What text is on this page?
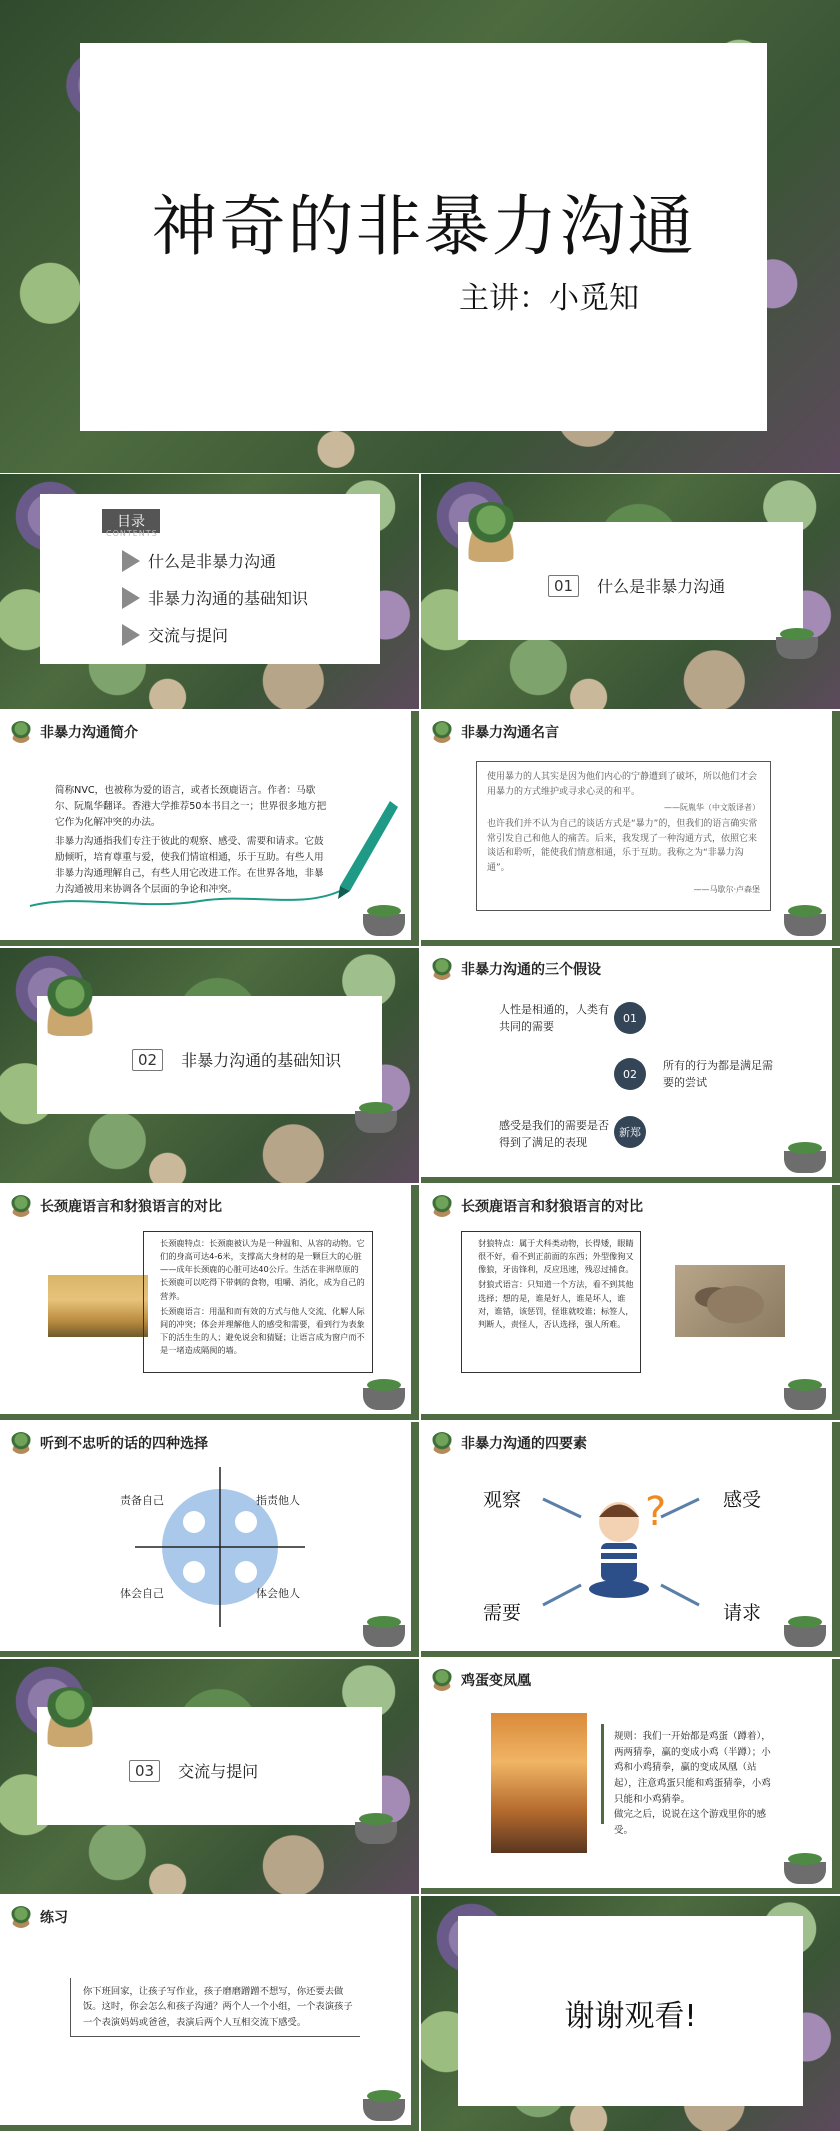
神奇的非暴力沟通
主讲：小觅知
目录
CONTENTS
什么是非暴力沟通
非暴力沟通的基础知识
交流与提问
01	什么是非暴力沟通
非暴力沟通简介

简称NVC，也被称为爱的语言，或者长颈鹿语言。作者：马歇尔、阮胤华翻译。香港大学推荐50本书目之一；世界很多地方把它作为化解冲突的办法。

非暴力沟通指我们专注于彼此的观察、感受、需要和请求。它鼓励倾听，培育尊重与爱，使我们情谊相通，乐于互助。有些人用非暴力沟通理解自己，有些人用它改进工作。在世界各地，非暴力沟通被用来协调各个层面的争论和冲突。

非暴力沟通名言

使用暴力的人其实是因为他们内心的宁静遭到了破坏，所以他们才会用暴力的方式维护或寻求心灵的和平。

——阮胤华（中文版译者）

也许我们并不认为自己的谈话方式是“暴力”的，但我们的语言确实常常引发自己和他人的痛苦。后来，我发现了一种沟通方式，依照它来谈话和聆听，能使我们情意相通，乐于互助。我称之为“非暴力沟通”。

——马歇尔·卢森堡

02	非暴力沟通的基础知识
非暴力沟通的三个假设
人性是相通的，人类有共同的需要
01
02
所有的行为都是满足需要的尝试
感受是我们的需要是否得到了满足的表现
新郑
长颈鹿语言和豺狼语言的对比

长颈鹿特点：长颈鹿被认为是一种温和、从容的动物。它们的身高可达4-6米，支撑高大身材的是一颗巨大的心脏——成年长颈鹿的心脏可达40公斤。生活在非洲草原的长颈鹿可以吃得下带刺的食物，咀嚼、消化，成为自己的营养。

长颈鹿语言：用温和而有效的方式与他人交流、化解人际间的冲突；体会并理解他人的感受和需要，看到行为表象下的活生生的人；避免说会和猜疑；让语言成为窗户而不是一堵造成隔阂的墙。

长颈鹿语言和豺狼语言的对比

豺狼特点：属于犬科类动物，长得矮，眼睛很不好，看不到正前面的东西；外型像狗又像狼，牙齿锋利，反应迅速，残忍过捕食。

豺狼式语言：只知道一个方法，看不到其他选择；想的是，谁是好人，谁是坏人，谁对，谁错，该惩罚，怪谁就咬谁；标签人，判断人，责怪人，否认选择，强人所难。

听到不忠听的话的四种选择
责备自己	指责他人
体会自己	体会他人
非暴力沟通的四要素
观察	感受
需要	请求
?
03	交流与提问
鸡蛋变凤凰

规则：我们一开始都是鸡蛋（蹲着），两两猜拳，赢的变成小鸡（半蹲）；小鸡和小鸡猜拳，赢的变成凤凰（站起），注意鸡蛋只能和鸡蛋猜拳，小鸡只能和小鸡猜拳。

做完之后，说说在这个游戏里你的感受。

练习
你下班回家，让孩子写作业，孩子磨磨蹭蹭不想写，你还要去做饭。这时，你会怎么和孩子沟通？两个人一个小组，一个表演孩子一个表演妈妈或爸爸，表演后两个人互相交流下感受。	谢谢观看!
